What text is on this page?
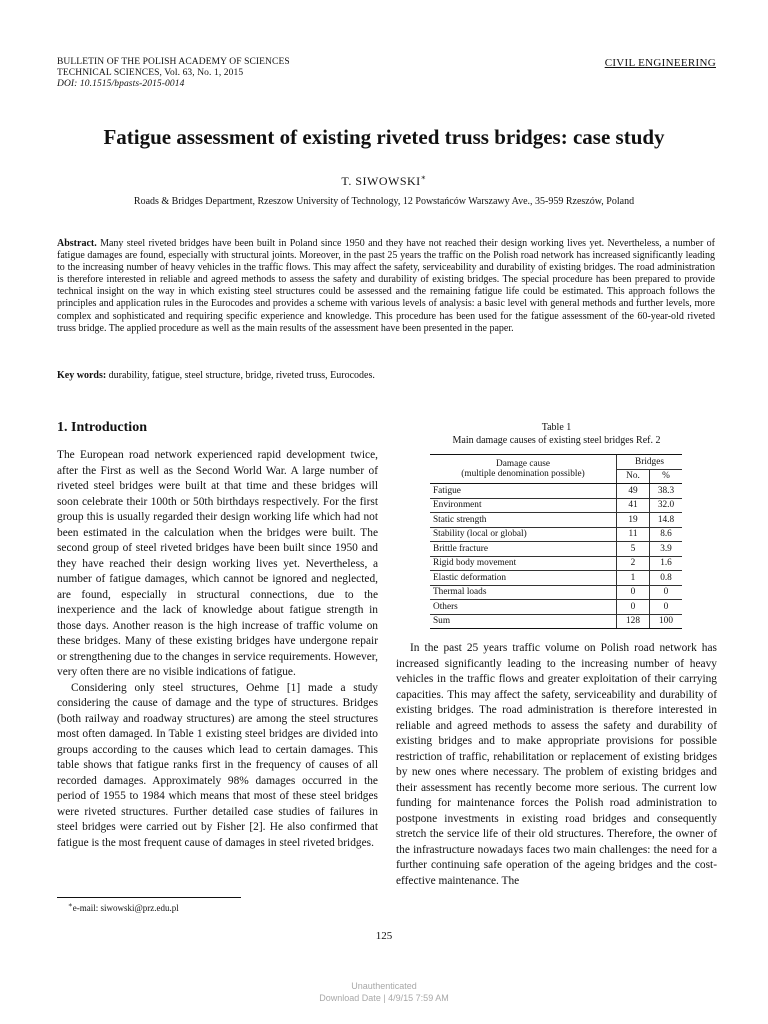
BULLETIN OF THE POLISH ACADEMY OF SCIENCES
TECHNICAL SCIENCES, Vol. 63, No. 1, 2015
DOI: 10.1515/bpasts-2015-0014
CIVIL ENGINEERING
Fatigue assessment of existing riveted truss bridges: case study
T. SIWOWSKI∗
Roads & Bridges Department, Rzeszow University of Technology, 12 Powstańców Warszawy Ave., 35-959 Rzeszów, Poland
Abstract. Many steel riveted bridges have been built in Poland since 1950 and they have not reached their design working lives yet. Nevertheless, a number of fatigue damages are found, especially with structural joints. Moreover, in the past 25 years the traffic on the Polish road network has increased significantly leading to the increasing number of heavy vehicles in the traffic flows. This may affect the safety, serviceability and durability of existing bridges. The road administration is therefore interested in reliable and agreed methods to assess the safety and durability of existing bridges. The special procedure has been prepared to provide technical insight on the way in which existing steel structures could be assessed and the remaining fatigue life could be estimated. This approach follows the principles and application rules in the Eurocodes and provides a scheme with various levels of analysis: a basic level with general methods and further levels, more complex and sophisticated and requiring specific experience and knowledge. This procedure has been used for the fatigue assessment of the 60-year-old riveted truss bridge. The applied procedure as well as the main results of the assessment have been presented in the paper.
Key words: durability, fatigue, steel structure, bridge, riveted truss, Eurocodes.
1. Introduction

The European road network experienced rapid development twice, after the First as well as the Second World War. A large number of riveted steel bridges were built at that time and these bridges will soon celebrate their 100th or 50th birthdays respectively. For the first group this is usually regarded their design working life which had not been estimated in the calculation when the bridges were built. The second group of steel riveted bridges have been built since 1950 and they have reached their design working lives yet. Nevertheless, a number of fatigue damages, which cannot be ignored and neglected, are found, especially in structural connections, due to the inexperience and the lack of knowledge about fatigue strength in those days. Another reason is the high increase of traffic volume on these bridges. Many of these existing bridges have undergone repair or strengthening due to the changes in service requirements. However, very often there are no visible indications of fatigue.

Considering only steel structures, Oehme [1] made a study considering the cause of damage and the type of structures. Bridges (both railway and roadway structures) are among the steel structures most often damaged. In Table 1 existing steel bridges are divided into groups according to the causes which lead to certain damages. This table shows that fatigue ranks first in the frequency of causes of all recorded damages. Approximately 98% damages occurred in the period of 1955 to 1984 which means that most of these steel bridges were riveted structures. Further detailed case studies of failures in steel bridges were carried out by Fisher [2]. He also confirmed that fatigue is the most frequent cause of damages in steel riveted bridges.

Table 1
Main damage causes of existing steel bridges Ref. 2
Damage cause
(multiple denomination possible)	Bridges	
	No.	%
Fatigue	49	38.3
Environment	41	32.0
Static strength	19	14.8
Stability (local or global)	11	8.6
Brittle fracture	5	3.9
Rigid body movement	2	1.6
Elastic deformation	1	0.8
Thermal loads	0	0
Others	0	0
Sum	128	100

In the past 25 years traffic volume on Polish road network has increased significantly leading to the increasing number of heavy vehicles in the traffic flows and greater exploitation of their carrying capacities. This may affect the safety, serviceability and durability of existing bridges. The road administration is therefore interested in reliable and agreed methods to assess the safety and durability of existing bridges and to make appropriate provisions for possible restriction of traffic, rehabilitation or replacement of existing bridges by new ones where necessary. The problem of existing bridges and their assessment has recently become more serious. The current low funding for maintenance forces the Polish road administration to postpone investments in existing road bridges and consequently stretch the service life of their old structures. Therefore, the owner of the infrastructure nowadays faces two main challenges: the need for a further continuing safe operation of the ageing bridges and the cost-effective maintenance. The

∗e-mail: siwowski@prz.edu.pl
125
Unauthenticated
Download Date | 4/9/15 7:59 AM
